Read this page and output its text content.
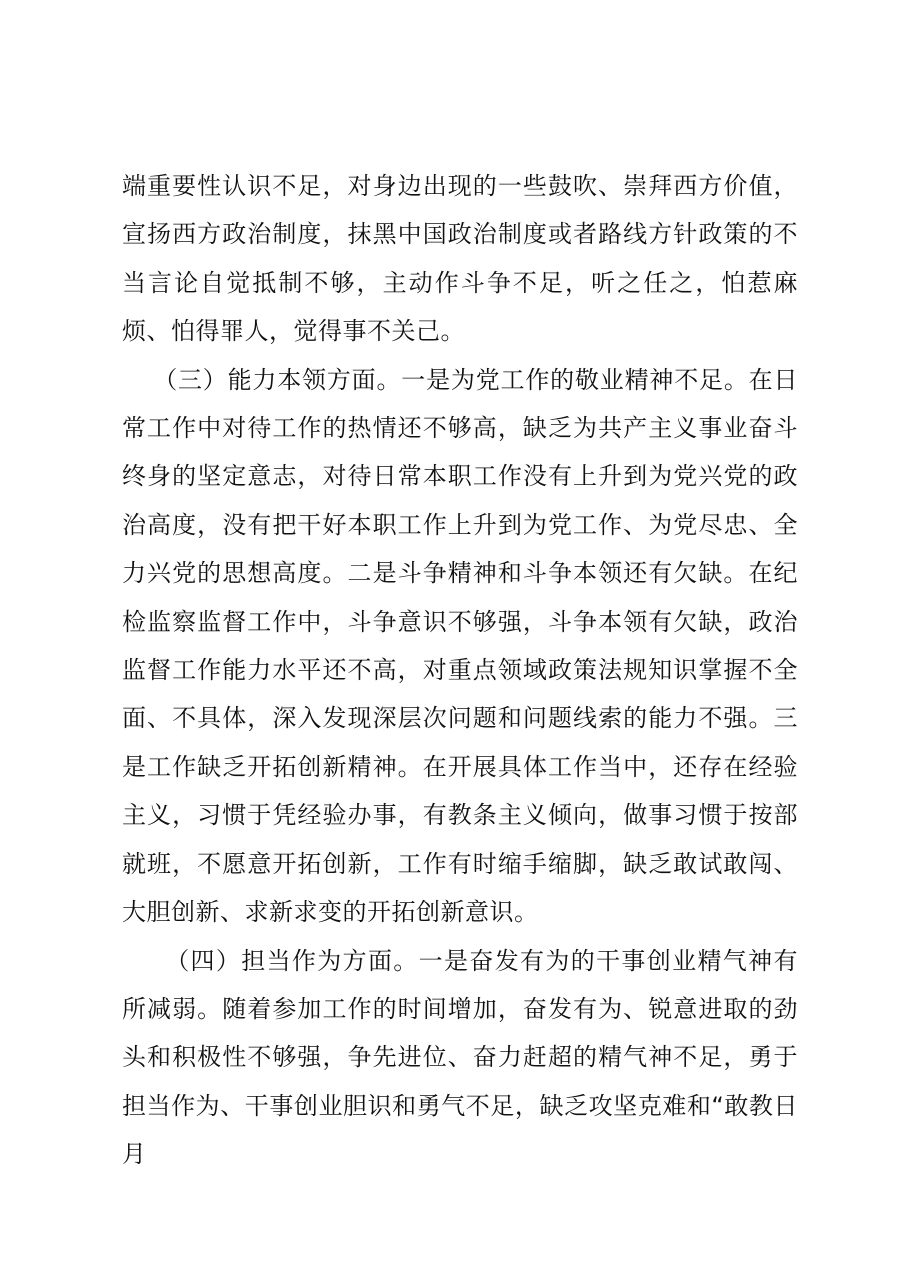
端重要性认识不足，对身边出现的一些鼓吹、崇拜西方价值，宣扬西方政治制度，抹黑中国政治制度或者路线方针政策的不当言论自觉抵制不够，主动作斗争不足，听之任之，怕惹麻烦、怕得罪人，觉得事不关己。

（三）能力本领方面。一是为党工作的敬业精神不足。在日常工作中对待工作的热情还不够高，缺乏为共产主义事业奋斗终身的坚定意志，对待日常本职工作没有上升到为党兴党的政治高度，没有把干好本职工作上升到为党工作、为党尽忠、全力兴党的思想高度。二是斗争精神和斗争本领还有欠缺。在纪检监察监督工作中，斗争意识不够强，斗争本领有欠缺，政治监督工作能力水平还不高，对重点领域政策法规知识掌握不全面、不具体，深入发现深层次问题和问题线索的能力不强。三是工作缺乏开拓创新精神。在开展具体工作当中，还存在经验主义，习惯于凭经验办事，有教条主义倾向，做事习惯于按部就班，不愿意开拓创新，工作有时缩手缩脚，缺乏敢试敢闯、大胆创新、求新求变的开拓创新意识。

（四）担当作为方面。一是奋发有为的干事创业精气神有所减弱。随着参加工作的时间增加，奋发有为、锐意进取的劲头和积极性不够强，争先进位、奋力赶超的精气神不足，勇于担当作为、干事创业胆识和勇气不足，缺乏攻坚克难和“敢教日月
